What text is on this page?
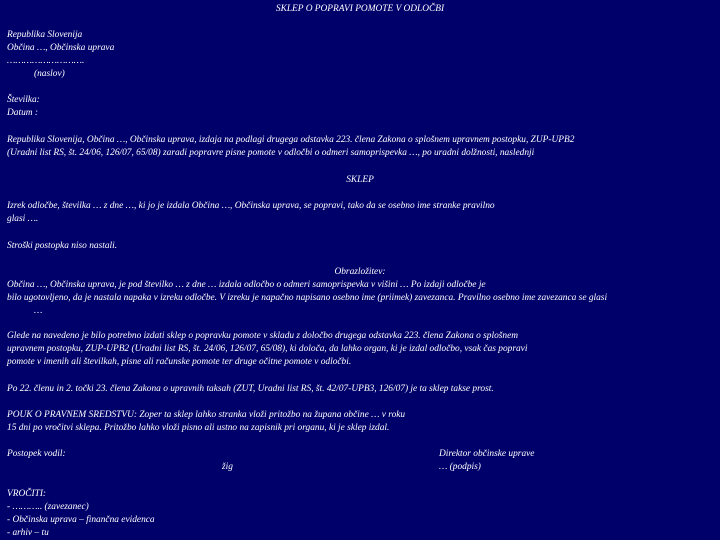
SKLEP O POPRAVI POMOTE V ODLOČBI
Republika Slovenija
Občina …, Občinska uprava
……………………….
(naslov)
Številka:
Datum :
Republika Slovenija, Občina …, Občinska uprava, izdaja na podlagi drugega odstavka 223. člena Zakona o splošnem upravnem postopku, ZUP-UPB2
(Uradni list RS, št. 24/06, 126/07, 65/08) zaradi popravre pisne pomote v odločbi o odmeri samoprispevka …, po uradni dolžnosti, naslednji
SKLEP
Izrek odločbe, številka … z dne …, ki jo je izdala Občina …, Občinska uprava, se popravi, tako da se osebno ime stranke pravilno
glasi ….
Stroški postopka niso nastali.
Obrazložitev:
Občina …, Občinska uprava, je pod številko … z dne … izdala odločbo o odmeri samoprispevka v višini … Po izdaji odločbe je
bilo ugotovljeno, da je nastala napaka v izreku odločbe. V izreku je napačno napisano osebno ime (priimek) zavezanca. Pravilno osebno ime zavezanca se glasi
…
Glede na navedeno je bilo potrebno izdati sklep o popravku pomote v skladu z določbo drugega odstavka 223. člena Zakona o splošnem
upravnem postopku, ZUP-UPB2 (Uradni list RS, št. 24/06, 126/07, 65/08), ki določa, da lahko organ, ki je izdal odločbo, vsak čas popravi
pomote v imenih ali številkah, pisne ali računske pomote ter druge očitne pomote v odločbi.
Po 22. členu in 2. točki 23. člena Zakona o upravnih taksah (ZUT, Uradni list RS, št. 42/07-UPB3, 126/07) je ta sklep takse prost.
POUK O PRAVNEM SREDSTVU: Zoper ta sklep lahko stranka vloži pritožbo na župana občine … v roku
15 dni po vročitvi sklepa. Pritožbo lahko vloži pisno ali ustno na zapisnik pri organu, ki je sklep izdal.
Postopek vodil:
žig
Direktor občinske uprave
… (podpis)
VROČITI:
- ……….. (zavezanec)
- Občinska uprava – finančna evidenca
- arhiv – tu
